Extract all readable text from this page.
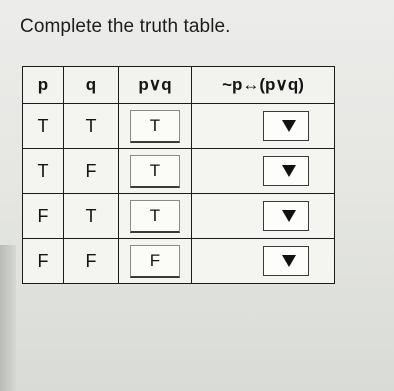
Complete the truth table.
p	q	p∨q	~p↔(p∨q)
T	T	T	

T	F	T	

F	T	T	

F	F	F	
